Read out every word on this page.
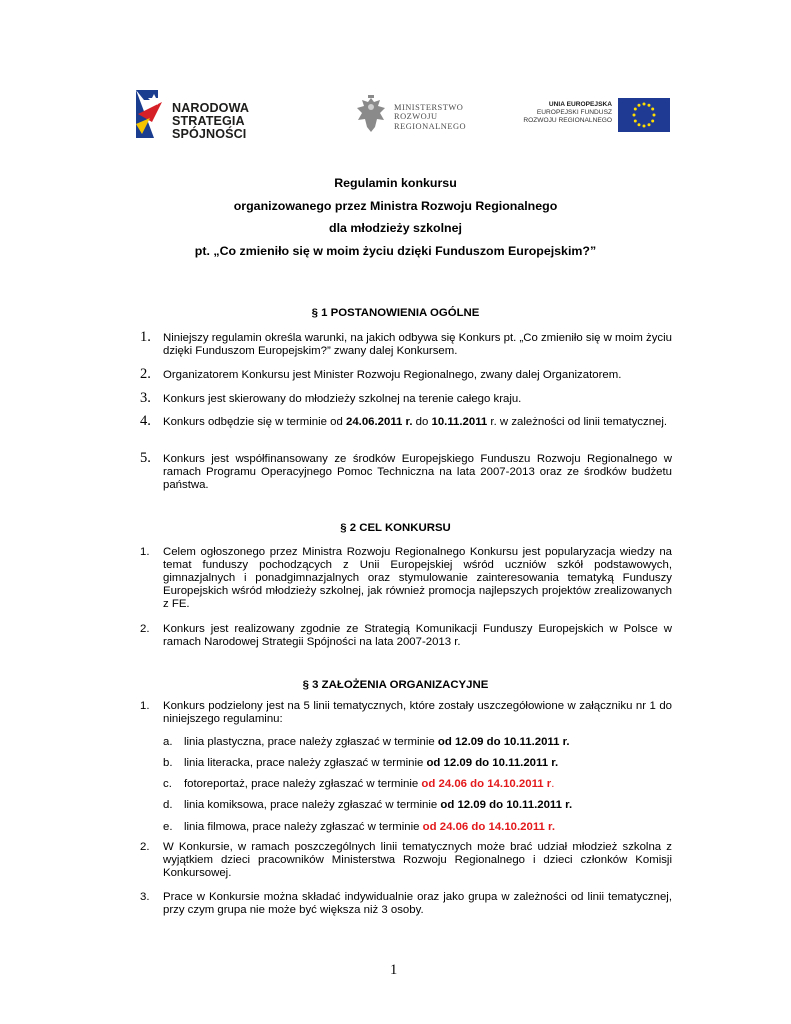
NARODOWA
STRATEGIA SPÓJNOŚCI
MINISTERSTWO
ROZWOJU
REGIONALNEGO
UNIA EUROPEJSKA
EUROPEJSKI FUNDUSZ
ROZWOJU REGIONALNEGO
Regulamin konkursu
organizowanego przez Ministra Rozwoju Regionalnego
dla młodzieży szkolnej
pt. „Co zmieniło się w moim życiu dzięki Funduszom Europejskim?”
§ 1 POSTANOWIENIA OGÓLNE
1. Niniejszy regulamin określa warunki, na jakich odbywa się Konkurs pt. „Co zmieniło się w moim życiu dzięki Funduszom Europejskim?” zwany dalej Konkursem.
2. Organizatorem Konkursu jest Minister Rozwoju Regionalnego, zwany dalej Organizatorem.
3. Konkurs jest skierowany do młodzieży szkolnej na terenie całego kraju.
4. Konkurs odbędzie się w terminie od 24.06.2011 r. do 10.11.2011 r. w zależności od linii tematycznej.
5. Konkurs jest współfinansowany ze środków Europejskiego Funduszu Rozwoju Regionalnego w ramach Programu Operacyjnego Pomoc Techniczna na lata 2007-2013 oraz ze środków budżetu państwa.
§ 2 CEL KONKURSU
1. Celem ogłoszonego przez Ministra Rozwoju Regionalnego Konkursu jest popularyzacja wiedzy na temat funduszy pochodzących z Unii Europejskiej wśród uczniów szkół podstawowych, gimnazjalnych i ponadgimnazjalnych oraz stymulowanie zainteresowania tematyką Funduszy Europejskich wśród młodzieży szkolnej, jak również promocja najlepszych projektów zrealizowanych z FE.
2. Konkurs jest realizowany zgodnie ze Strategią Komunikacji Funduszy Europejskich w Polsce w ramach Narodowej Strategii Spójności na lata 2007-2013 r.
§ 3 ZAŁOŻENIA ORGANIZACYJNE
1. Konkurs podzielony jest na 5 linii tematycznych, które zostały uszczegółowione w załączniku nr 1 do niniejszego regulaminu:
a. linia plastyczna, prace należy zgłaszać w terminie od 12.09 do 10.11.2011 r.
b. linia literacka, prace należy zgłaszać w terminie od 12.09 do 10.11.2011 r.
c. fotoreportaż, prace należy zgłaszać w terminie od 24.06 do 14.10.2011 r.
d. linia komiksowa, prace należy zgłaszać w terminie od 12.09 do 10.11.2011 r.
e. linia filmowa, prace należy zgłaszać w terminie od 24.06 do 14.10.2011 r.
2. W Konkursie, w ramach poszczególnych linii tematycznych może brać udział młodzież szkolna z wyjątkiem dzieci pracowników Ministerstwa Rozwoju Regionalnego i dzieci członków Komisji Konkursowej.
3. Prace w Konkursie można składać indywidualnie oraz jako grupa w zależności od linii tematycznej, przy czym grupa nie może być większa niż 3 osoby.
1
